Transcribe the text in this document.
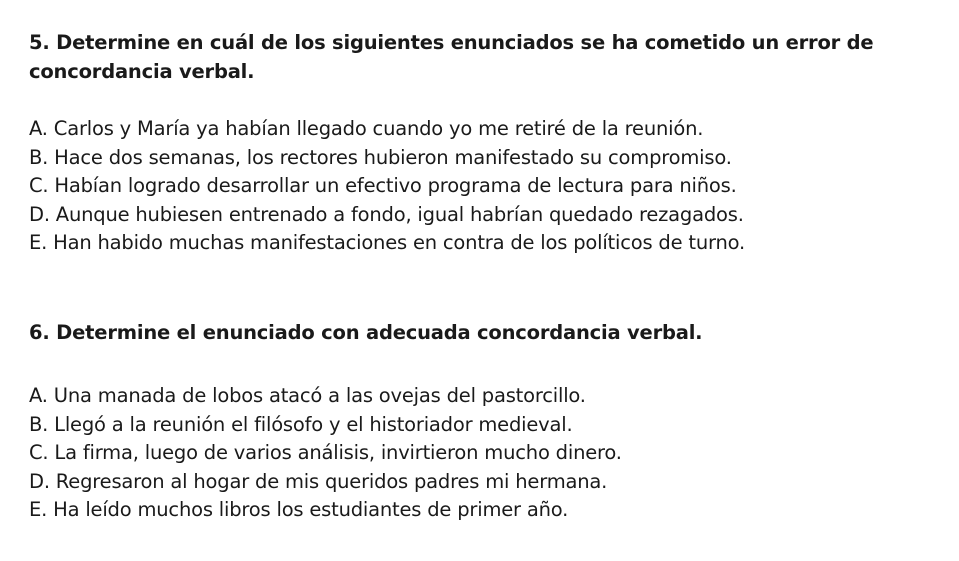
5. Determine en cuál de los siguientes enunciados se ha cometido un error de concordancia verbal.

A. Carlos y María ya habían llegado cuando yo me retiré de la reunión.
B. Hace dos semanas, los rectores hubieron manifestado su compromiso.
C. Habían logrado desarrollar un efectivo programa de lectura para niños.
D. Aunque hubiesen entrenado a fondo, igual habrían quedado rezagados.
E. Han habido muchas manifestaciones en contra de los políticos de turno.

6. Determine el enunciado con adecuada concordancia verbal.

A. Una manada de lobos atacó a las ovejas del pastorcillo.
B. Llegó a la reunión el filósofo y el historiador medieval.
C. La firma, luego de varios análisis, invirtieron mucho dinero.
D. Regresaron al hogar de mis queridos padres mi hermana.
E. Ha leído muchos libros los estudiantes de primer año.
